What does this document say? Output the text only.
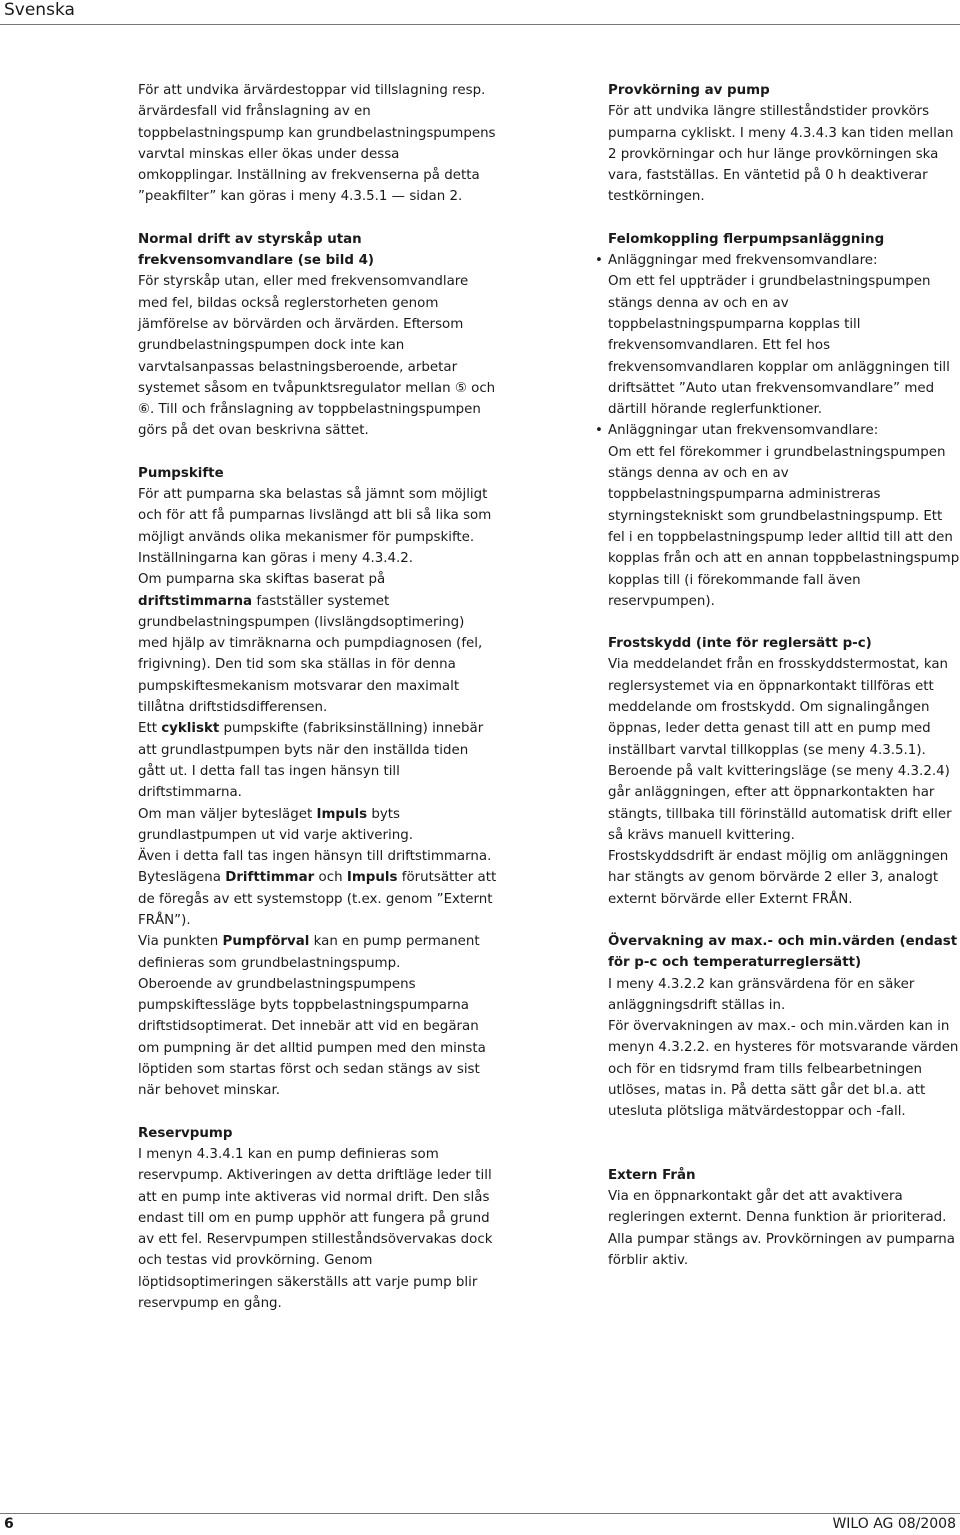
Svenska

För att undvika ärvärdestoppar vid tillslagning resp. ärvärdesfall vid frånslagning av en toppbelastningspump kan grundbelastningspumpens varvtal minskas eller ökas under dessa omkopplingar. Inställning av frekvenserna på detta ”peakfilter” kan göras i meny 4.3.5.1 — sidan 2.

Normal drift av styrskåp utan frekvensomvandlare (se bild 4)

För styrskåp utan, eller med frekvensomvandlare med fel, bildas också reglerstorheten genom jämförelse av börvärden och ärvärden. Eftersom grundbelastningspumpen dock inte kan varvtalsanpassas belastningsberoende, arbetar systemet såsom en tvåpunktsregulator mellan ⑤ och ⑥. Till och frånslagning av toppbelastningspumpen görs på det ovan beskrivna sättet.

Pumpskifte

För att pumparna ska belastas så jämnt som möjligt och för att få pumparnas livslängd att bli så lika som möjligt används olika mekanismer för pumpskifte. Inställningarna kan göras i meny 4.3.4.2.

Om pumparna ska skiftas baserat på driftstimmarna fastställer systemet grundbelastningspumpen (livslängdsoptimering) med hjälp av timräknarna och pumpdiagnosen (fel, frigivning). Den tid som ska ställas in för denna pumpskiftesmekanism motsvarar den maximalt tillåtna driftstidsdifferensen.

Ett cykliskt pumpskifte (fabriksinställning) innebär att grundlastpumpen byts när den inställda tiden gått ut. I detta fall tas ingen hänsyn till driftstimmarna.

Om man väljer bytesläget Impuls byts grundlastpumpen ut vid varje aktivering.

Även i detta fall tas ingen hänsyn till driftstimmarna.

Byteslägena Drifttimmar och Impuls förutsätter att de föregås av ett systemstopp (t.ex. genom ”Externt FRÅN”).

Via punkten Pumpförval kan en pump permanent definieras som grundbelastningspump.

Oberoende av grundbelastningspumpens pumpskiftessläge byts toppbelastningspumparna driftstidsoptimerat. Det innebär att vid en begäran om pumpning är det alltid pumpen med den minsta löptiden som startas först och sedan stängs av sist när behovet minskar.

Reservpump

I menyn 4.3.4.1 kan en pump definieras som reservpump. Aktiveringen av detta driftläge leder till att en pump inte aktiveras vid normal drift. Den slås endast till om en pump upphör att fungera på grund av ett fel. Reservpumpen stilleståndsövervakas dock och testas vid provkörning. Genom löptidsoptimeringen säkerställs att varje pump blir reservpump en gång.

Provkörning av pump

För att undvika längre stilleståndstider provkörs pumparna cykliskt. I meny 4.3.4.3 kan tiden mellan 2 provkörningar och hur länge provkörningen ska vara, fastställas. En väntetid på 0 h deaktiverar testkörningen.

Felomkoppling flerpumpsanläggning

• Anläggningar med frekvensomvandlare:

Om ett fel uppträder i grundbelastningspumpen stängs denna av och en av toppbelastningspumparna kopplas till frekvensomvandlaren. Ett fel hos frekvensomvandlaren kopplar om anläggningen till driftsättet ”Auto utan frekvensomvandlare” med därtill hörande reglerfunktioner.

• Anläggningar utan frekvensomvandlare:

Om ett fel förekommer i grundbelastningspumpen stängs denna av och en av toppbelastningspumparna administreras styrningstekniskt som grundbelastningspump. Ett fel i en toppbelastningspump leder alltid till att den kopplas från och att en annan toppbelastningspump kopplas till (i förekommande fall även reservpumpen).

Frostskydd (inte för reglersätt p-c)

Via meddelandet från en frosskyddstermostat, kan reglersystemet via en öppnarkontakt tillföras ett meddelande om frostskydd. Om signalingången öppnas, leder detta genast till att en pump med inställbart varvtal tillkopplas (se meny 4.3.5.1). Beroende på valt kvitteringsläge (se meny 4.3.2.4) går anläggningen, efter att öppnarkontakten har stängts, tillbaka till förinställd automatisk drift eller så krävs manuell kvittering.

Frostskyddsdrift är endast möjlig om anläggningen har stängts av genom börvärde 2 eller 3, analogt externt börvärde eller Externt FRÅN.

Övervakning av max.- och min.värden (endast för p-c och temperaturreglersätt)

I meny 4.3.2.2 kan gränsvärdena för en säker anläggningsdrift ställas in.

För övervakningen av max.- och min.värden kan in menyn 4.3.2.2. en hysteres för motsvarande värden och för en tidsrymd fram tills felbearbetningen utlöses, matas in. På detta sätt går det bl.a. att utesluta plötsliga mätvärdestoppar och -fall.

Extern Från

Via en öppnarkontakt går det att avaktivera regleringen externt. Denna funktion är prioriterad. Alla pumpar stängs av. Provkörningen av pumparna förblir aktiv.

6	WILO AG 08/2008
